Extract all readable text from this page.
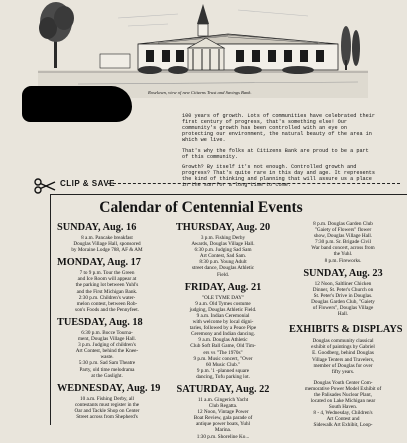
Roselawn, view of new Citizens Trust and Savings Bank.

100 years of growth. Lots of communities have celebrated their first century of progress, that's something else! Our community's growth has been controlled with an eye on protecting our environment, the natural beauty of the area in which we live.

That's why the folks at Citizens Bank are proud to be a part of this community.

Growth? By itself it's not enough. Controlled growth and progress? That's quite rare in this day and age. It represents the kind of thinking and planning that will assure us a place in the sun for a long time to come.

CLIP & SAVE
Calendar of Centennial Events
SUNDAY, Aug. 16
8 a.m. Pancake breakfast
Douglas Village Hall, sponsored
by Moraine Lodge 788, AF & AM
MONDAY, Aug. 17
7 to 9 p.m. Tour the Green
and Ice Room will appear at
the parking lot between Yuhl's
and the First Michigan Bank.
2:30 p.m. Children's water-
melon contest, between Rob-
son's Foods and the Pennyfeet.
TUESDAY, Aug. 18
6:30 p.m. Bocce Tourna-
ment, Douglas Village Hall.
3 p.m. Judging of children's
Art Contest, behind the Knee-
waste.
5:30 p.m. Sad Sam Theatre
Party, old time melodrama
at the Gaslight.
WEDNESDAY, Aug. 19
10 a.m. Fishing Derby, all
contestants must register in the
Oar and Tackle Shop on Center
Street across from Shepherd's
THURSDAY, Aug. 20
3 p.m. Fishing Derby
Awards, Douglas Village Hall.
6:30 p.m. Judging Sad Sam
Art Contest, Sad Sam.
8:30 p.m. Young Adult
street dance, Douglas Athletic
Field.
FRIDAY, Aug. 21
"OLE TYME DAY"
9 a.m. Old Tymes costume
judging, Douglas Athletic Field.
9 a.m. Indian Ceremonial
with welcome by local digni-
taries, followed by a Peace Pipe
Ceremony and Indian dancing.
9 a.m. Douglas Athletic
Club Soft Ball Game, Old Tim-
ers vs "The 1970s"
9 p.m. Music concert, "Over
60 Music Club."
9 p.m. '1 -planned square
dancing, Tofu parking lot.
SATURDAY, Aug. 22
11 a.m. Gingerich Yacht
Club Regatta.
12 Noon, Vintage Power
Boat Review, gala parade of
antique power boats, Yuhl
Marina.
1:30 p.m. Shoreline Ko...
8 p.m. Douglas Garden Club
"Gaiety of Flowers" flower
show, Douglas Village Hall.
7:30 p.m. Sr. Brigade Civil
War band concert, across from
the Yuhl.
8 p.m. Fireworks.
SUNDAY, Aug. 23
12 Noon, Saltliner Chicken
Dinner, St. Peter's Church on
St. Peter's Drive in Douglas.
Douglas Garden Club, "Gaiety
of Flowers", Douglas Village
Hall.
EXHIBITS & DISPLAYS
Douglas community classical
exhibit of paintings by Gabriel
E. Goodberg, behind Douglas
Village Tenters and Travelers,
member of Douglas for over
fifty years.
Douglas Youth Center Com-
memorative Power Model Exhibit of
the Palisades Nuclear Plant,
located on Lake Michigan near
South Haven.
8 - 4, Wednesday, Children's
Art Contest and
Sidewalk Art Exhibit, Loop-
